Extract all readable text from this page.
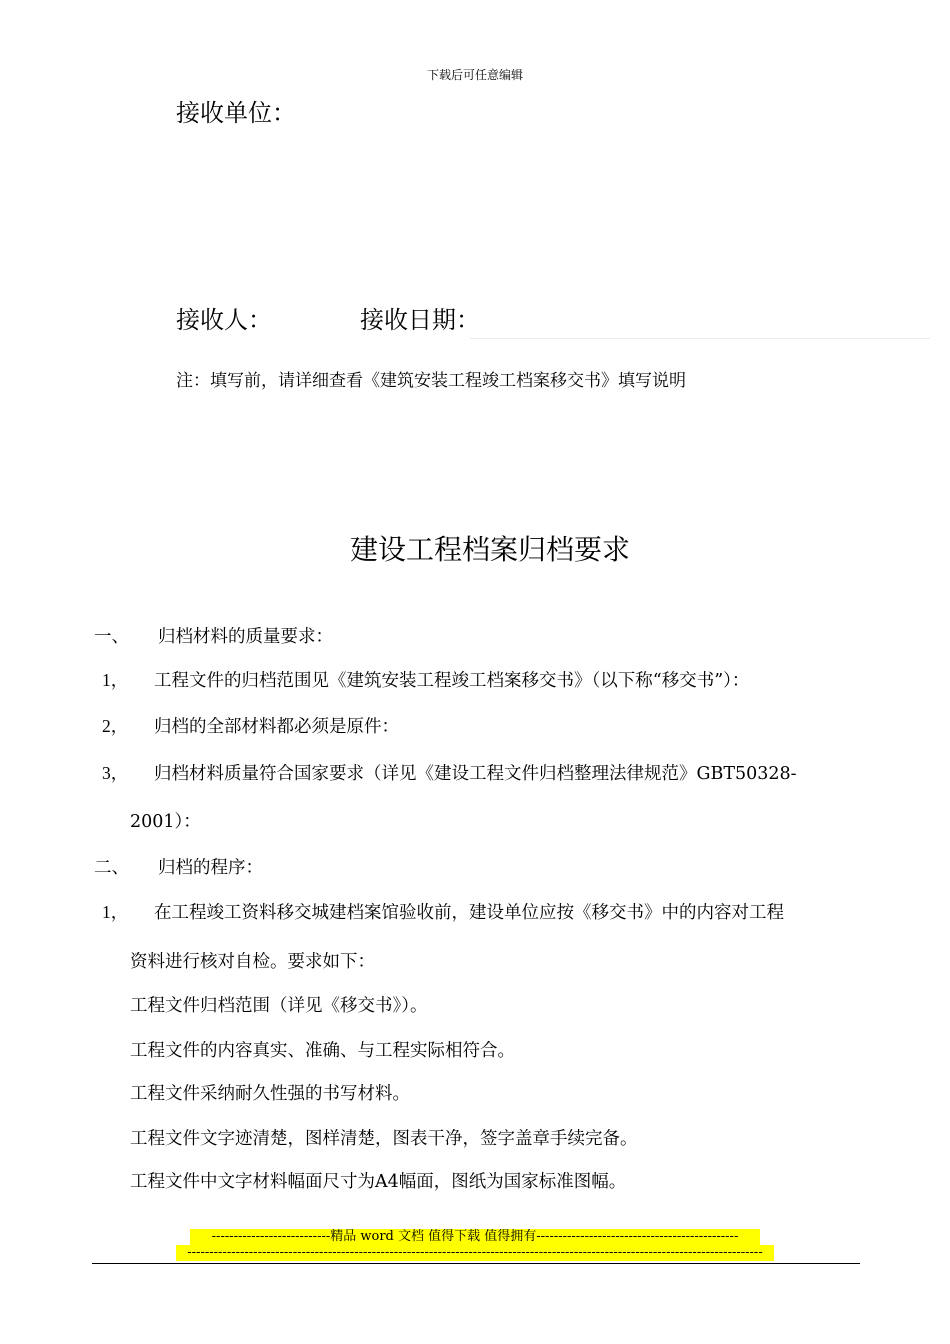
下载后可任意编辑
接收单位：
接收人：	接收日期：
注：填写前，请详细查看《建筑安装工程竣工档案移交书》填写说明
建设工程档案归档要求
一、 归档材料的质量要求：
1， 工程文件的归档范围见《建筑安装工程竣工档案移交书》（以下称“移交书”）：
2， 归档的全部材料都必须是原件：
3， 归档材料质量符合国家要求（详见《建设工程文件归档整理法律规范》GBT50328-
2001）：
二、 归档的程序：
1， 在工程竣工资料移交城建档案馆验收前，建设单位应按《移交书》中的内容对工程
资料进行核对自检。要求如下：
工程文件归档范围（详见《移交书》）。
工程文件的内容真实、准确、与工程实际相符合。
工程文件采纳耐久性强的书写材料。
工程文件文字迹清楚，图样清楚，图表干净，签字盖章手续完备。
工程文件中文字材料幅面尺寸为A4幅面，图纸为国家标准图幅。
---------------------------精品 word 文档 值得下载 值得拥有----------------------------------------------
-----------------------------------------------------------------------------------------------------------------------------------
